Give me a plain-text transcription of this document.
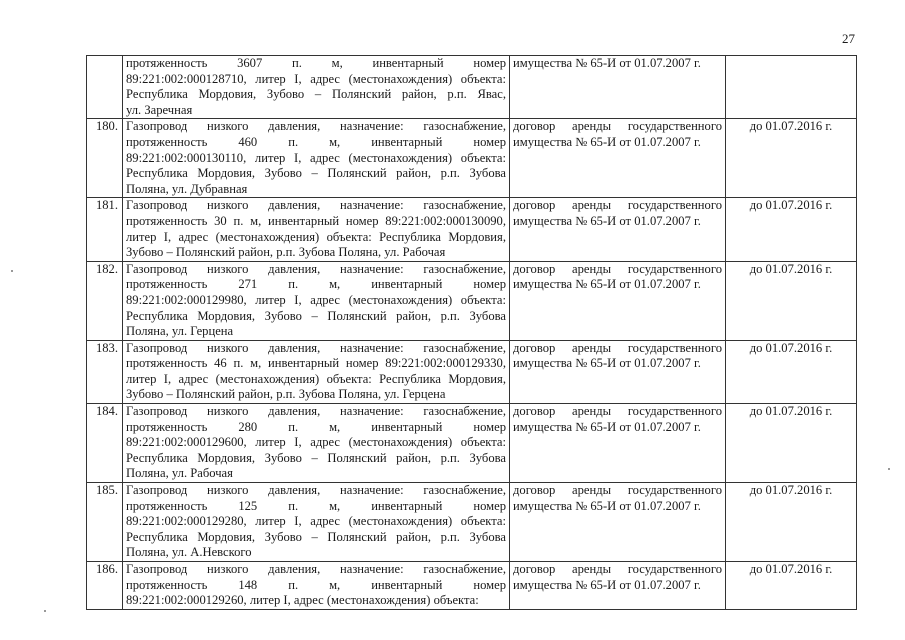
27

	протяженность 3607 п. м, инвентарный номер
89:221:002:000128710, литер I, адрес (местонахождения) объекта:
Республика Мордовия, Зубово – Полянский район, р.п. Явас,
ул. Заречная	имущества № 65-И от 01.07.2007 г.	

180.	Газопровод низкого давления, назначение: газоснабжение,
протяженность 460 п. м, инвентарный номер
89:221:002:000130110, литер I, адрес (местонахождения) объекта:
Республика Мордовия, Зубово – Полянский район, р.п. Зубова
Поляна, ул. Дубравная	договор аренды государственного
имущества № 65-И от 01.07.2007 г.	до 01.07.2016 г.
181.	Газопровод низкого давления, назначение: газоснабжение,
протяженность 30 п. м, инвентарный номер 89:221:002:000130090,
литер I, адрес (местонахождения) объекта: Республика Мордовия,
Зубово – Полянский район, р.п. Зубова Поляна, ул. Рабочая	договор аренды государственного
имущества № 65-И от 01.07.2007 г.	до 01.07.2016 г.
182.	Газопровод низкого давления, назначение: газоснабжение,
протяженность 271 п. м, инвентарный номер
89:221:002:000129980, литер I, адрес (местонахождения) объекта:
Республика Мордовия, Зубово – Полянский район, р.п. Зубова
Поляна, ул. Герцена	договор аренды государственного
имущества № 65-И от 01.07.2007 г.	до 01.07.2016 г.
183.	Газопровод низкого давления, назначение: газоснабжение,
протяженность 46 п. м, инвентарный номер 89:221:002:000129330,
литер I, адрес (местонахождения) объекта: Республика Мордовия,
Зубово – Полянский район, р.п. Зубова Поляна, ул. Герцена	договор аренды государственного
имущества № 65-И от 01.07.2007 г.	до 01.07.2016 г.
184.	Газопровод низкого давления, назначение: газоснабжение,
протяженность 280 п. м, инвентарный номер
89:221:002:000129600, литер I, адрес (местонахождения) объекта:
Республика Мордовия, Зубово – Полянский район, р.п. Зубова
Поляна, ул. Рабочая	договор аренды государственного
имущества № 65-И от 01.07.2007 г.	до 01.07.2016 г.
185.	Газопровод низкого давления, назначение: газоснабжение,
протяженность 125 п. м, инвентарный номер
89:221:002:000129280, литер I, адрес (местонахождения) объекта:
Республика Мордовия, Зубово – Полянский район, р.п. Зубова
Поляна, ул. А.Невского	договор аренды государственного
имущества № 65-И от 01.07.2007 г.	до 01.07.2016 г.
186.	Газопровод низкого давления, назначение: газоснабжение,
протяженность 148 п. м, инвентарный номер
89:221:002:000129260, литер I, адрес (местонахождения) объекта:	договор аренды государственного
имущества № 65-И от 01.07.2007 г.	до 01.07.2016 г.
